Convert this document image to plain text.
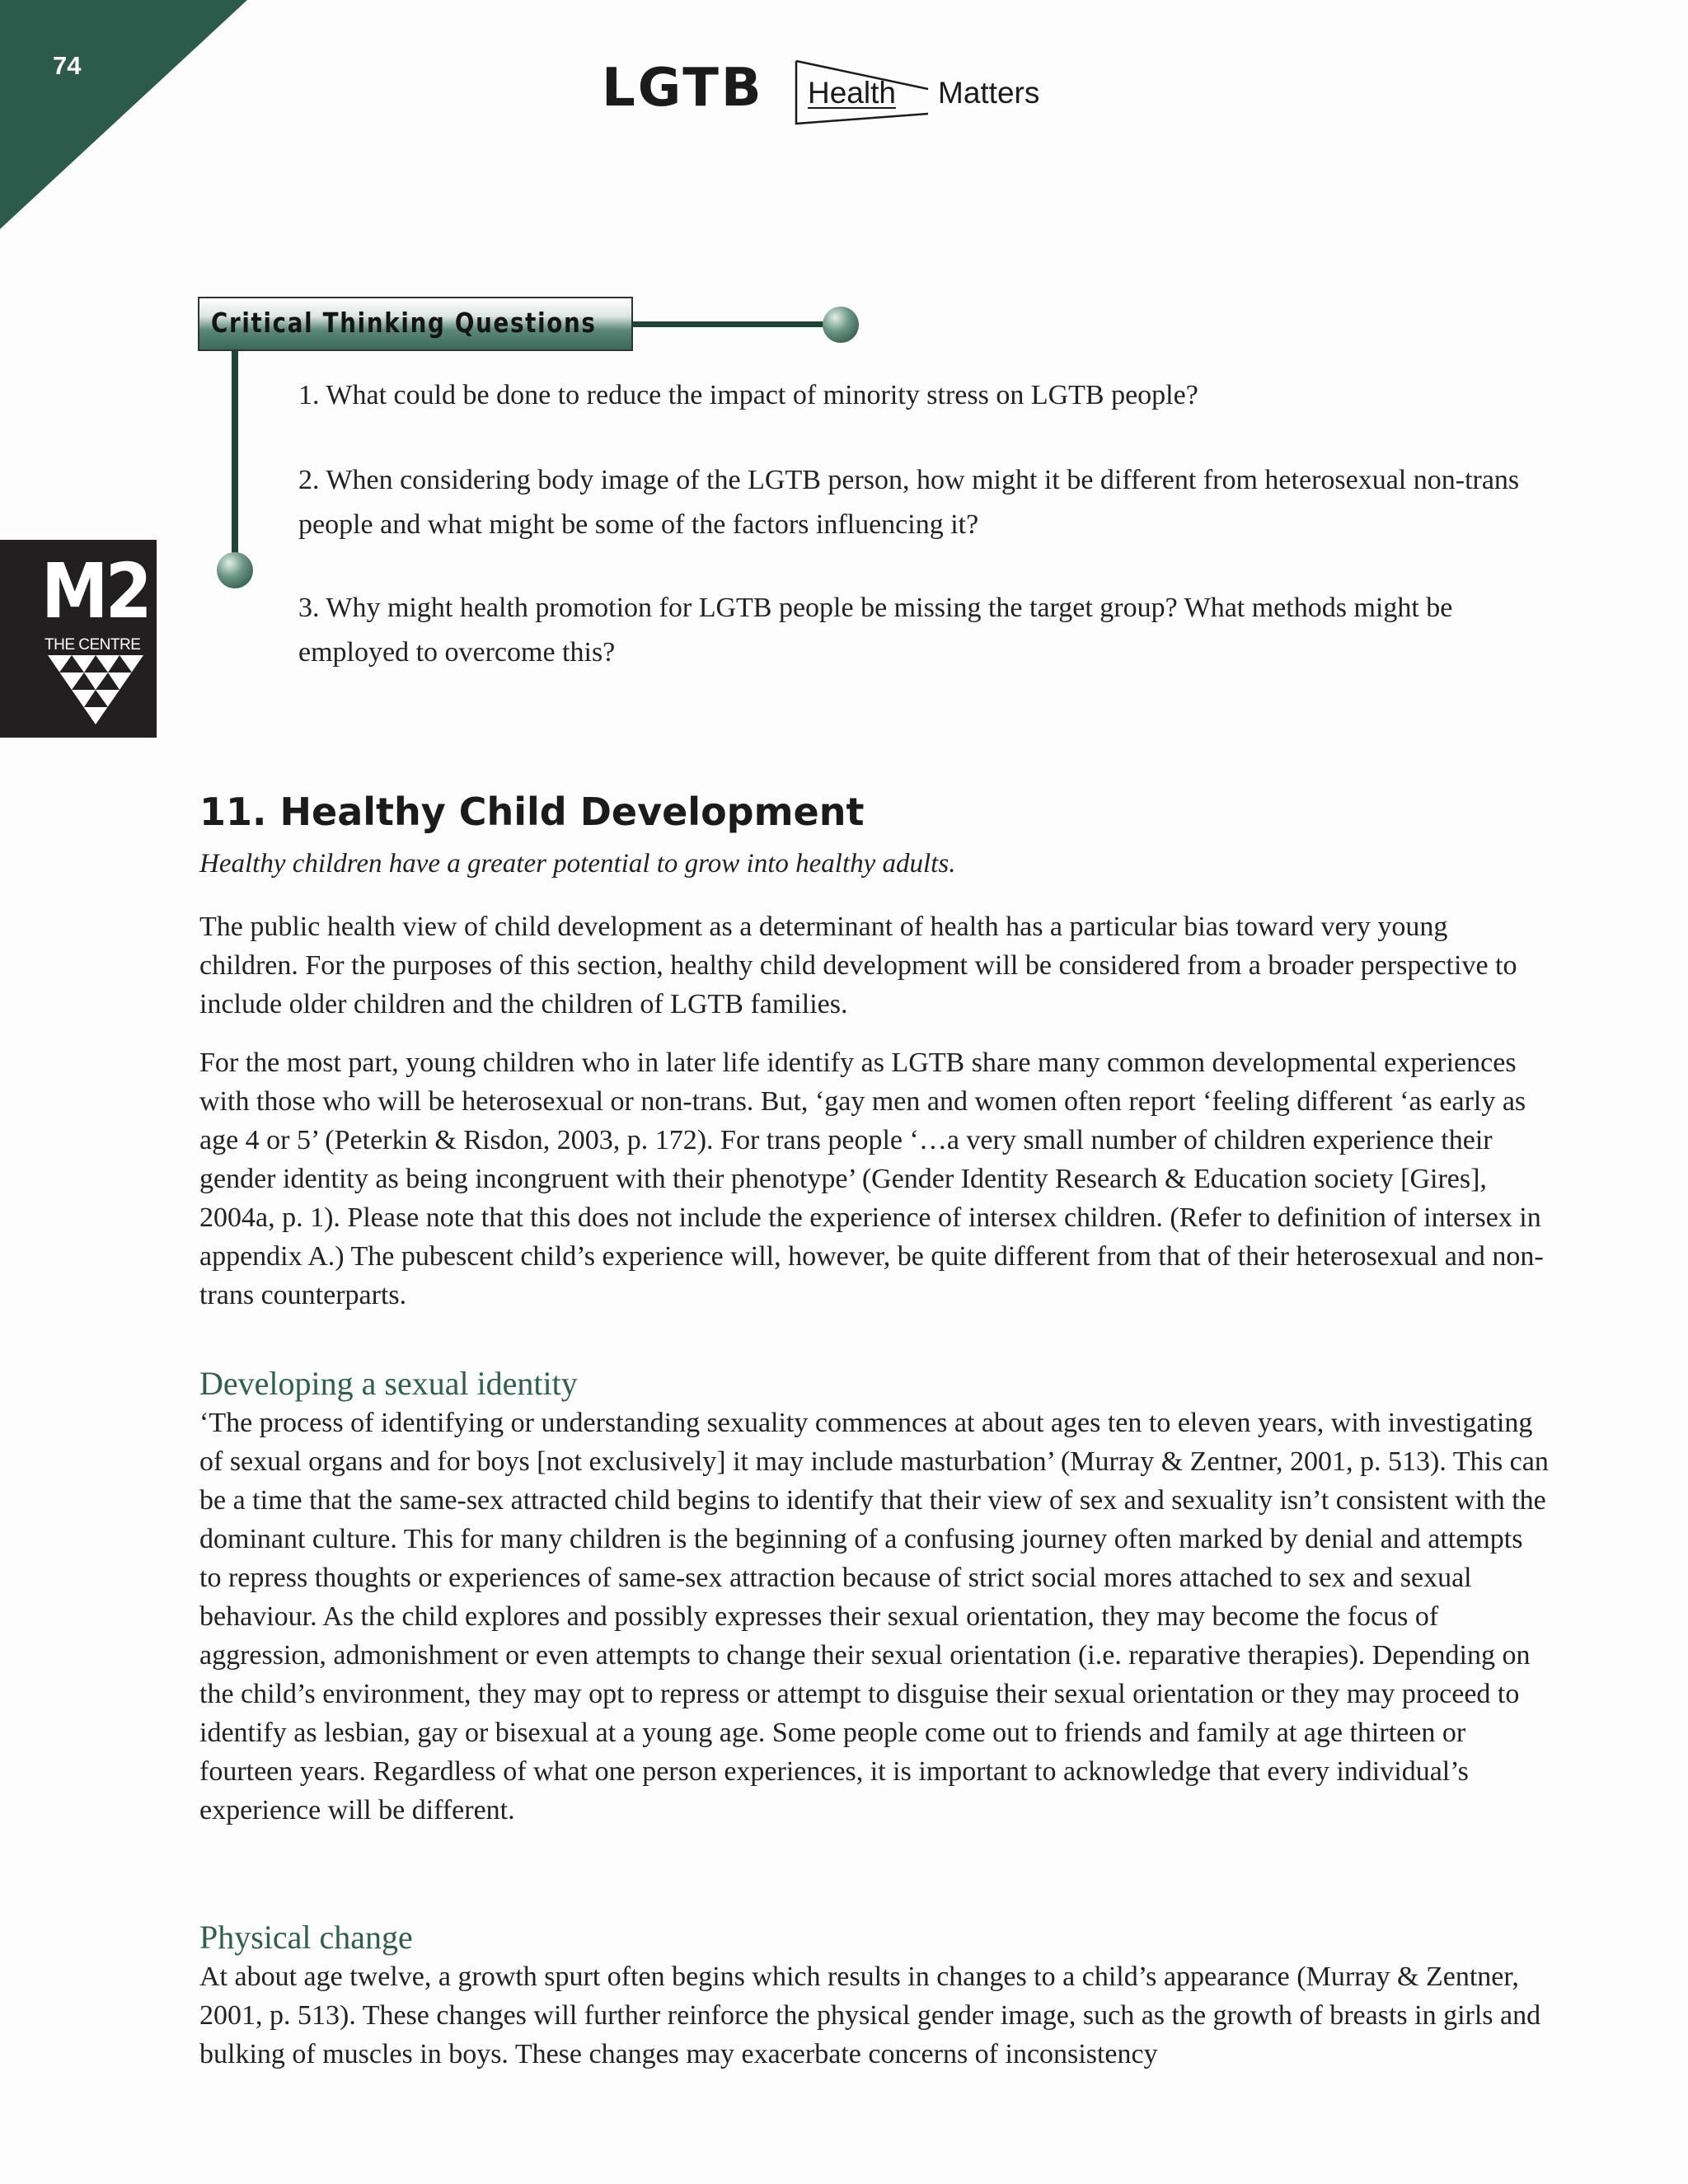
74	LGTB Health Matters
M2
THE CENTRE
Critical Thinking Questions
1. What could be done to reduce the impact of minority stress on LGTB people?
2. When considering body image of the LGTB person, how might it be different from heterosexual non-trans people and what might be some of the factors influencing it?
3. Why might health promotion for LGTB people be missing the target group? What methods might be employed to overcome this?
11. Healthy Child Development
Healthy children have a greater potential to grow into healthy adults.
The public health view of child development as a determinant of health has a particular bias toward very young children. For the purposes of this section, healthy child development will be considered from a broader perspective to include older children and the children of LGTB families.
For the most part, young children who in later life identify as LGTB share many common developmental experiences with those who will be heterosexual or non-trans. But, ‘gay men and women often report ‘feeling different ‘as early as age 4 or 5’ (Peterkin & Risdon, 2003, p. 172). For trans people ‘…a very small number of children experience their gender identity as being incongruent with their phenotype’ (Gender Identity Research & Education society [Gires], 2004a, p. 1). Please note that this does not include the experience of intersex children. (Refer to definition of intersex in appendix A.) The pubescent child’s experience will, however, be quite different from that of their heterosexual and non-trans counterparts.
Developing a sexual identity
‘The process of identifying or understanding sexuality commences at about ages ten to eleven years, with investigating of sexual organs and for boys [not exclusively] it may include masturbation’ (Murray & Zentner, 2001, p. 513). This can be a time that the same-sex attracted child begins to identify that their view of sex and sexuality isn’t consistent with the dominant culture. This for many children is the beginning of a confusing journey often marked by denial and attempts to repress thoughts or experiences of same-sex attraction because of strict social mores attached to sex and sexual behaviour. As the child explores and possibly expresses their sexual orientation, they may become the focus of aggression, admonishment or even attempts to change their sexual orientation (i.e. reparative therapies). Depending on the child’s environment, they may opt to repress or attempt to disguise their sexual orientation or they may proceed to identify as lesbian, gay or bisexual at a young age. Some people come out to friends and family at age thirteen or fourteen years. Regardless of what one person experiences, it is important to acknowledge that every individual’s experience will be different.
Physical change
At about age twelve, a growth spurt often begins which results in changes to a child’s appearance (Murray & Zentner, 2001, p. 513). These changes will further reinforce the physical gender image, such as the growth of breasts in girls and bulking of muscles in boys. These changes may exacerbate concerns of inconsistency
